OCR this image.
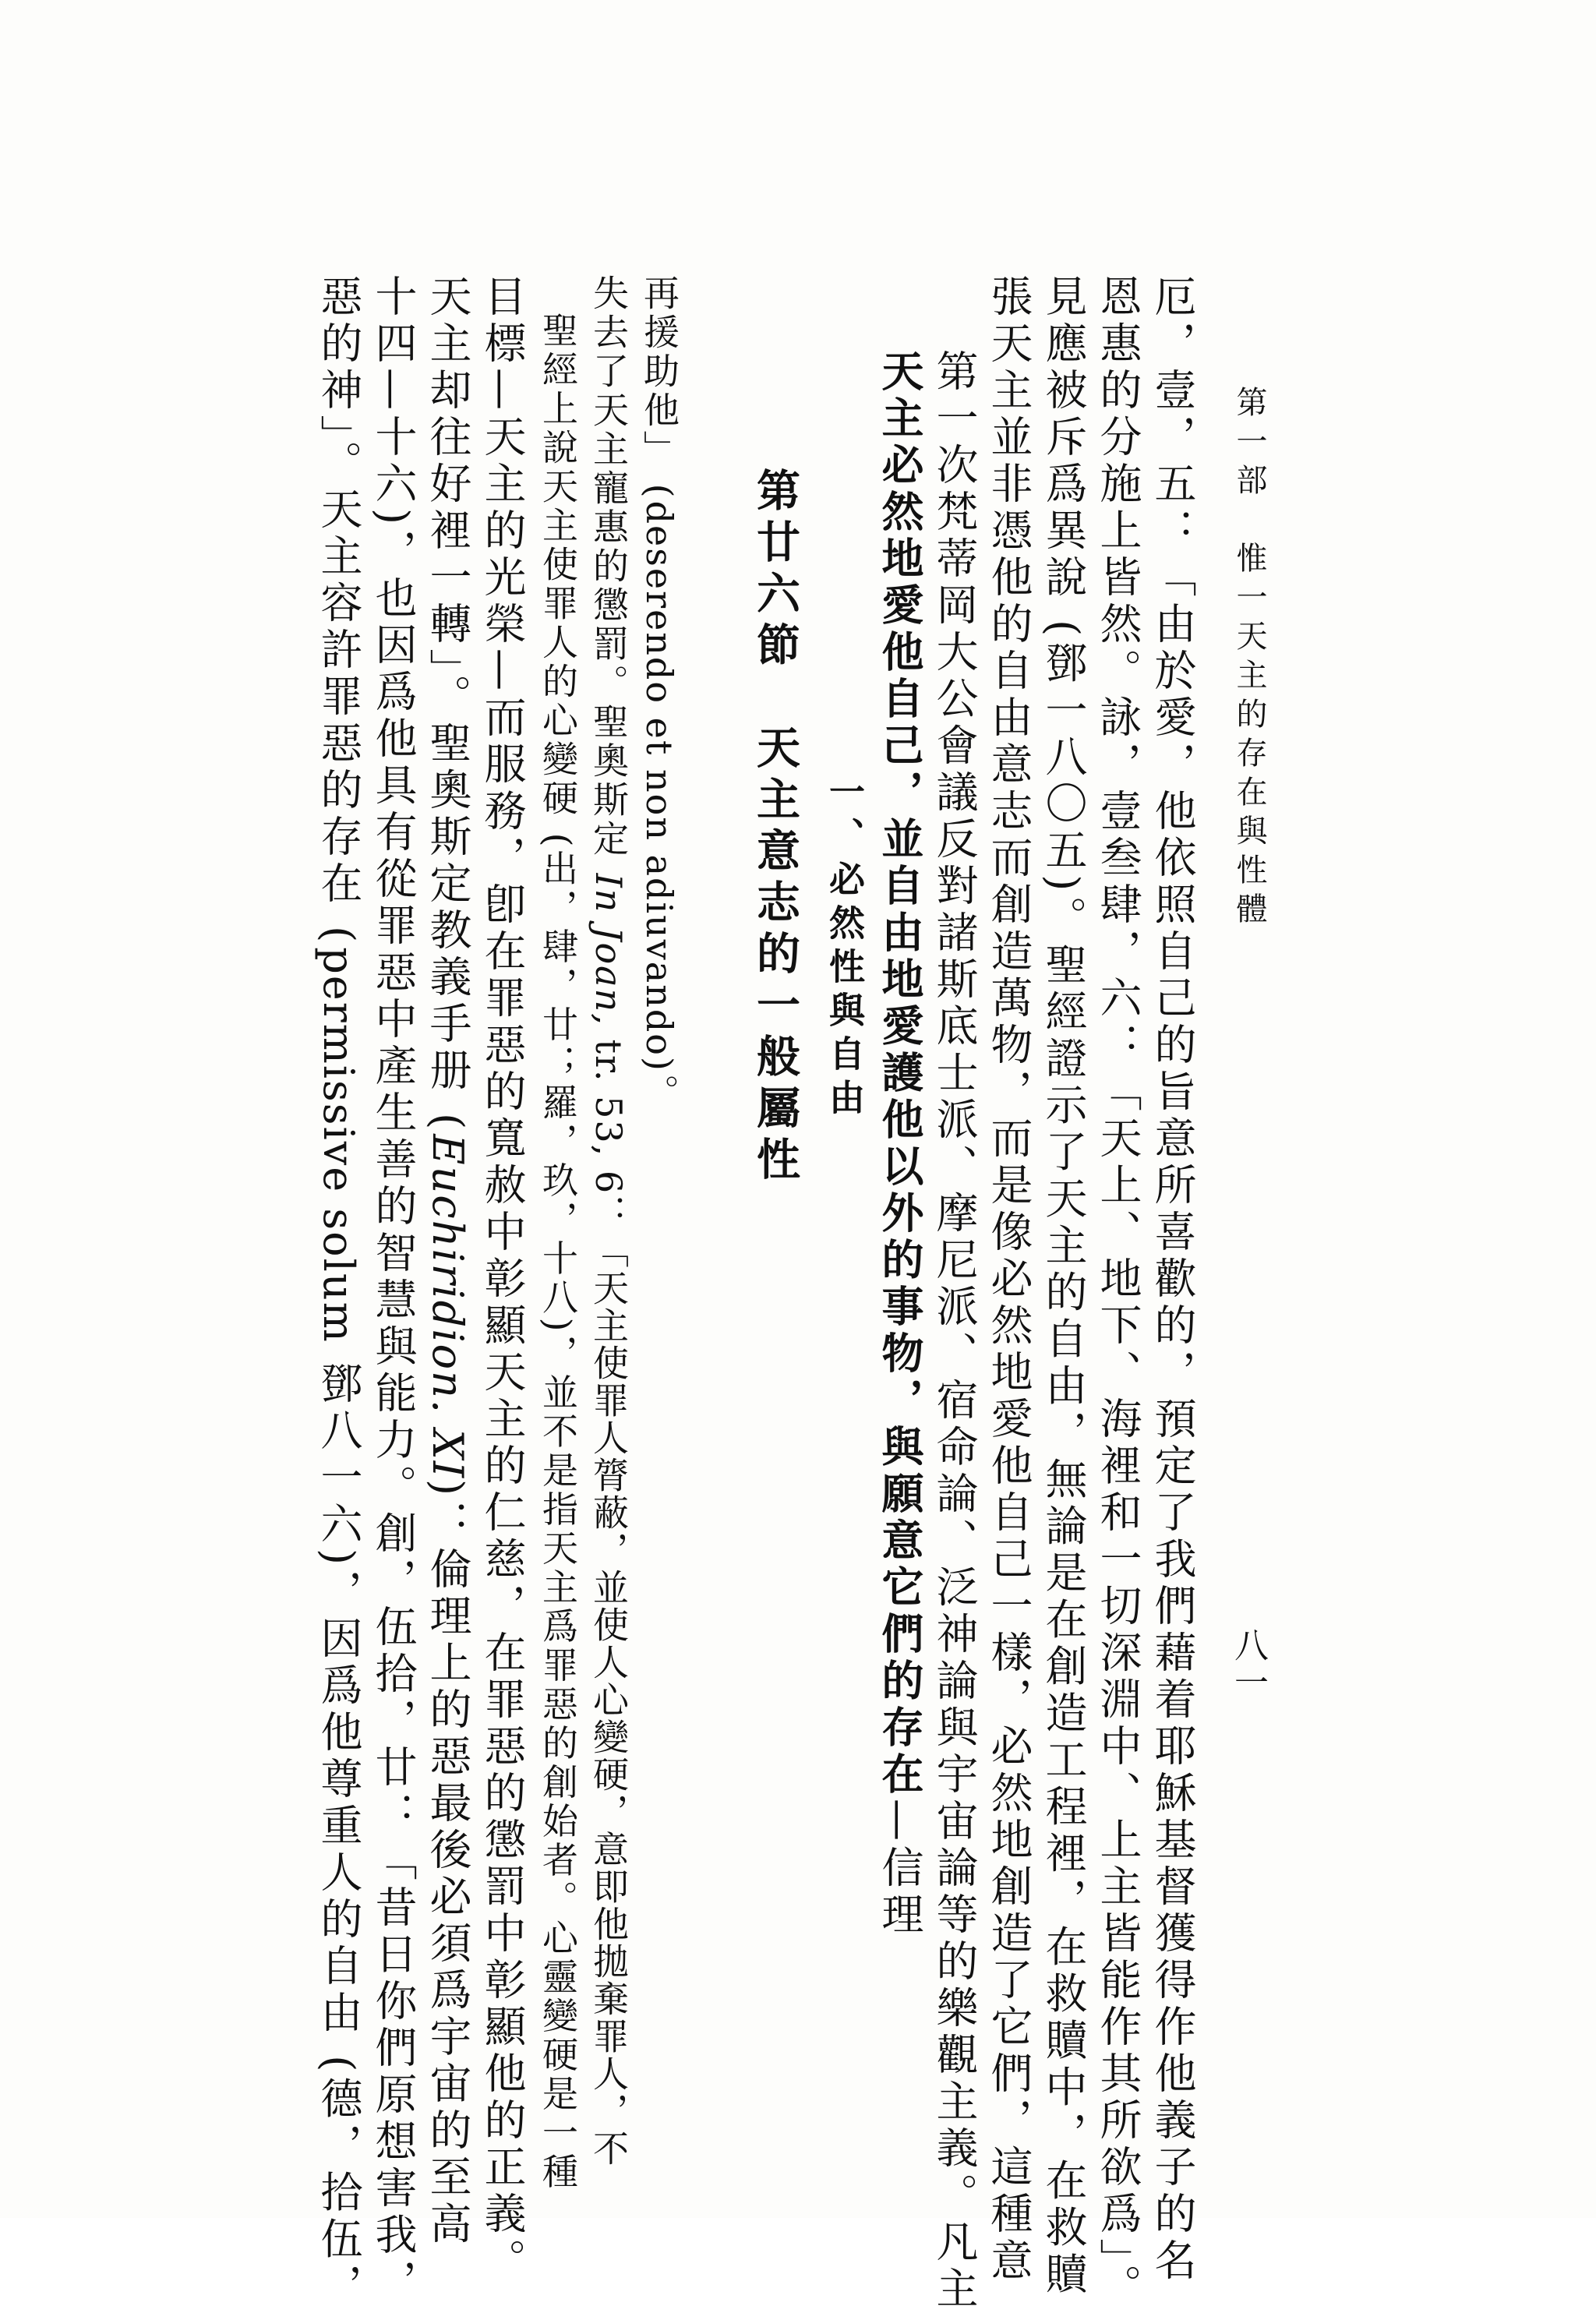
惡的神」。天主容許罪惡的存在 (permissive solum 鄧八一六)，因爲他尊重人的自由 (德，拾伍， 十四—十六)，也因爲他具有從罪惡中產生善的智慧與能力。創，伍拾，廿：「昔日你們原想害我， 天主却往好裡一轉」。聖奧斯定教義手册 (Euchiridion. XI)：倫理上的惡最後必須爲宇宙的至高 目標—天主的光榮—而服務，卽在罪惡的寬赦中彰顯天主的仁慈，在罪惡的懲罰中彰顯他的正義。 聖經上說天主使罪人的心變硬 (出，肆，廿；羅，玖，十八)，並不是指天主爲罪惡的創始者。心靈變硬是一種 失去了天主寵惠的懲罰。聖奧斯定 In Joan, tr. 53, 6：「天主使罪人膂蔽，並使人心變硬，意即他拋棄罪人，不
再援助他」 (deserendo et non adiuvando)。 第廿六節　天主意志的一般屬性 一、必然性與自由 天主必然地愛他自己，並自由地愛護他以外的事物，與願意它們的存在—信理 第一次梵蒂岡大公會議反對諸斯底士派、摩尼派、宿命論、泛神論與宇宙論等的樂觀主義。凡主 張天主並非憑他的自由意志而創造萬物，而是像必然地愛他自己一樣，必然地創造了它們，這種意 見應被斥爲異說 (鄧一八〇五)。聖經證示了天主的自由，無論是在創造工程裡，在救贖中，在救贖 恩惠的分施上皆然。詠，壹叁肆，六：「天上、地下、海裡和一切深淵中、上主皆能作其所欲爲」。 厄，壹，五：「由於愛，他依照自己的旨意所喜歡的，預定了我們藉着耶穌基督獲得作他義子的名 第一部　惟一天主的存在與性體
八一
